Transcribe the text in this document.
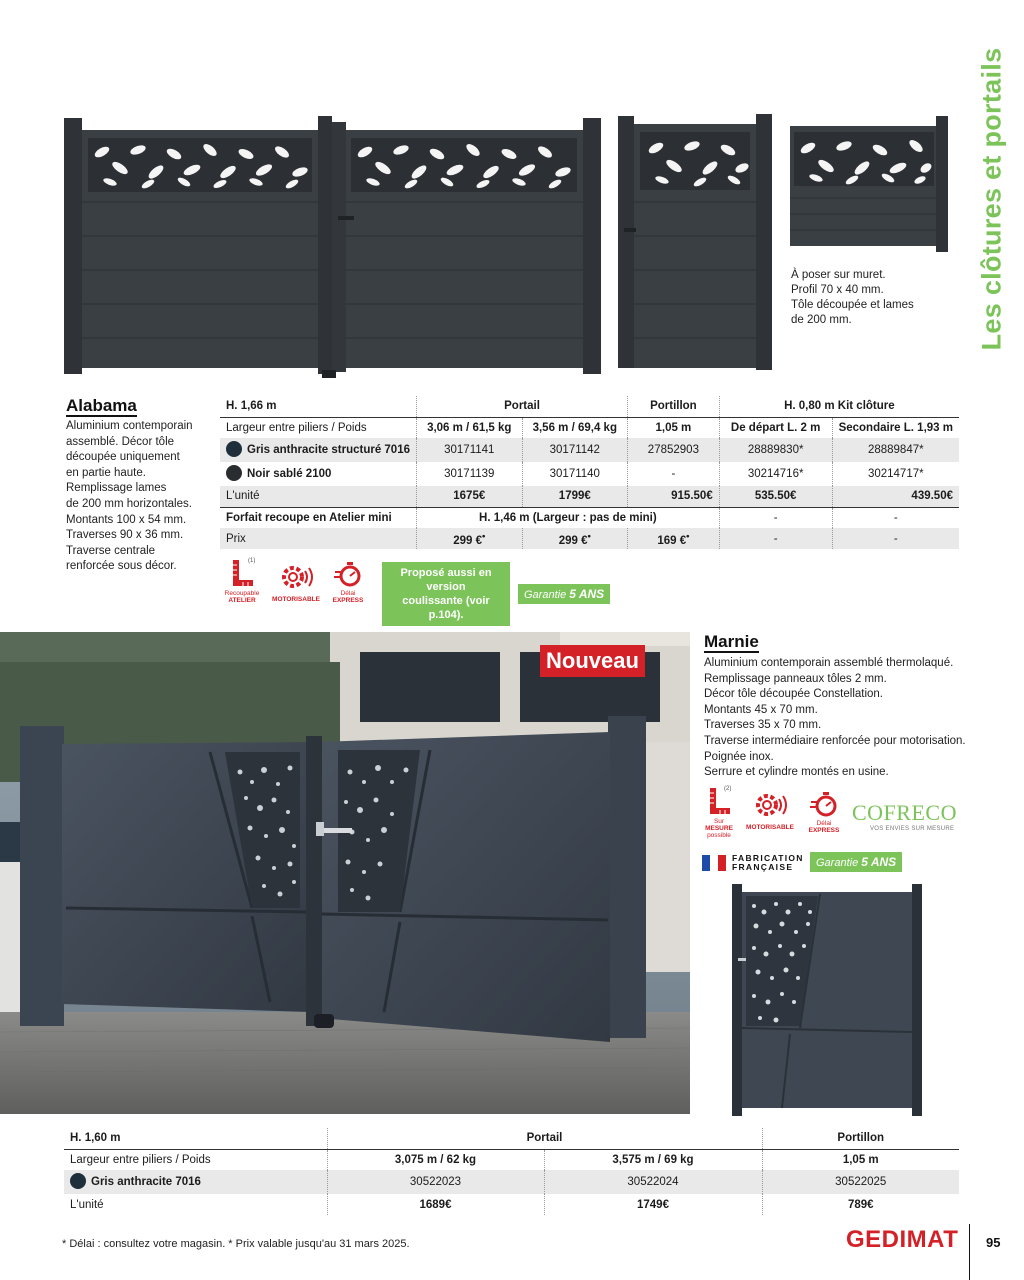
Les clôtures et portails
À poser sur muret.
Profil 70 x 40 mm.
Tôle découpée et lames
de 200 mm.
Alabama
Aluminium contemporain
assemblé. Décor tôle
découpée uniquement
en partie haute.
Remplissage lames
de 200 mm horizontales.
Montants 100 x 54 mm.
Traverses 90 x 36 mm.
Traverse centrale
renforcée sous décor.
H. 1,66 m	Portail		Portillon	H. 0,80 m Kit clôture	
Largeur entre piliers / Poids	3,06 m / 61,5 kg	3,56 m / 69,4 kg	1,05 m	De départ L. 2 m	Secondaire L. 1,93 m
Gris anthracite structuré 7016	30171141	30171142	27852903	28889830*	28889847*
Noir sablé 2100	30171139	30171140	-	30214716*	30214717*
L'unité	1675€	1799€	915.50€	535.50€	439.50€
Forfait recoupe en Atelier mini	H. 1,46 m (Largeur : pas de mini)			-	-
Prix	299 €•	299 €•	169 €•	-	-
(1)
Recoupable
ATELIER	MOTORISABLE
Délai
EXPRESS
Proposé aussi en version
coulissante (voir p.104).
Garantie 5 ANS
Nouveau
Marnie
Aluminium contemporain assemblé thermolaqué.
Remplissage panneaux tôles 2 mm.
Décor tôle découpée Constellation.
Montants 45 x 70 mm.
Traverses 35 x 70 mm.
Traverse intermédiaire renforcée pour motorisation.
Poignée inox.
Serrure et cylindre montés en usine.
(2)
Sur
MESURE
possible
MOTORISABLE
Délai
EXPRESS
COFRECO
VOS ENVIES SUR MESURE
FABRICATION
FRANÇAISE	Garantie 5 ANS
H. 1,60 m	Portail		Portillon
Largeur entre piliers / Poids	3,075 m / 62 kg	3,575 m / 69 kg	1,05 m
Gris anthracite 7016	30522023	30522024	30522025
L'unité	1689€	1749€	789€
* Délai : consultez votre magasin. * Prix valable jusqu'au 31 mars 2025.	GEDIMAT 95
